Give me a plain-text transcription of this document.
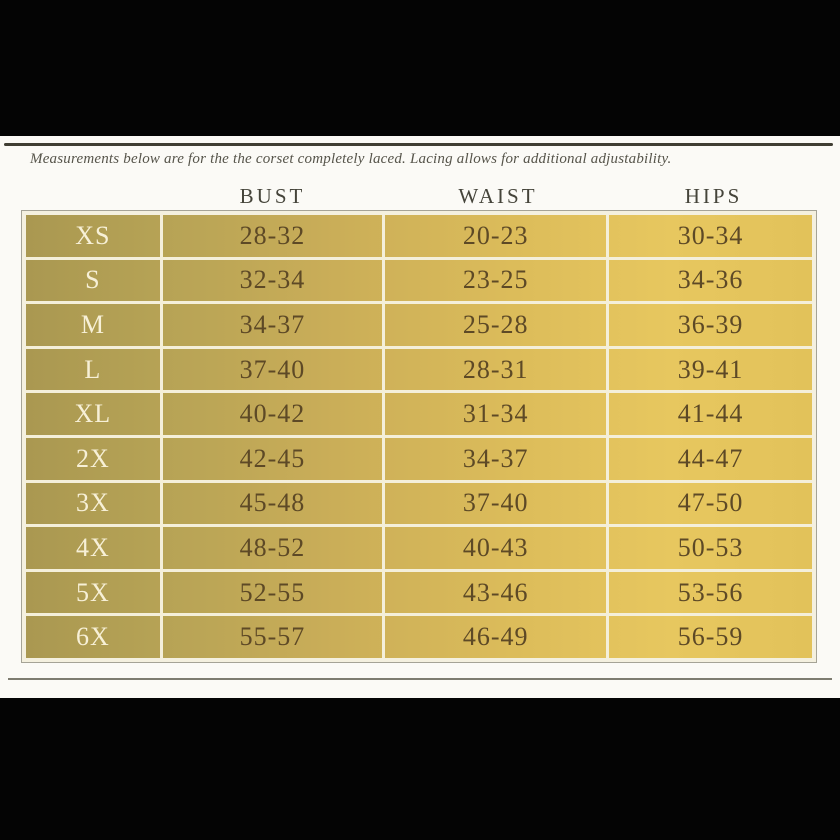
Measurements below are for the the corset completely laced. Lacing allows for additional adjustability.
BUST	WAIST	HIPS
XS	28-32	20-23	30-34
S	32-34	23-25	34-36
M	34-37	25-28	36-39
L	37-40	28-31	39-41
XL	40-42	31-34	41-44
2X	42-45	34-37	44-47
3X	45-48	37-40	47-50
4X	48-52	40-43	50-53
5X	52-55	43-46	53-56
6X	55-57	46-49	56-59
